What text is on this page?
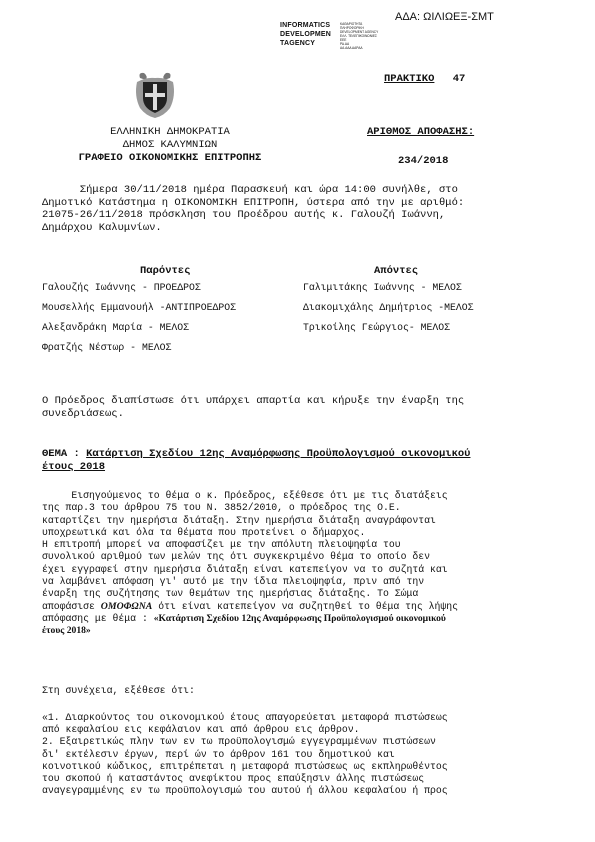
ΑΔΑ: ΩΙΛΙΩΕΞ-ΣΜΤ
INFORMATICS
DEVELOPMEN
TAGENCY
ΚΑΘΑΡΙΟΤΗΤΑ
ΠΛΗΡΟΦΟΡΙΚΗ
DEVELOPMENT AGENCY
ΕΛΛ. ΤΕΛΕΠΙΚΟΙΝΩΝΙΕΣ
ΕΕΕ
ΡΑ.ΑΑ
ΑΑ.ΑΑΑ ΑΑΡΑΑ
ΕΛΛΗΝΙΚΗ ΔΗΜΟΚΡΑΤΙΑ
ΔΗΜΟΣ ΚΑΛΥΜΝΙΩΝ
ΓΡΑΦΕΙΟ ΟΙΚΟΝΟΜΙΚΗΣ ΕΠΙΤΡΟΠΗΣ
ΠΡΑΚΤΙΚΟ 47
ΑΡΙΘΜΟΣ ΑΠΟΦΑΣΗΣ:
234/2018
Σήμερα 30/11/2018 ημέρα Παρασκευή και ώρα 14:00 συνήλθε, στο
Δημοτικό Κατάστημα η ΟΙΚΟΝΟΜΙΚΗ ΕΠΙΤΡΟΠΗ, ύστερα από την με αριθμό:
21075-26/11/2018 πρόσκληση του Προέδρου αυτής κ. Γαλουζή Ιωάννη,
Δημάρχου Καλυμνίων.
Παρόντες	Απόντες
Γαλουζής Ιωάννης - ΠΡΟΕΔΡΟΣ
Μουσελλής Εμμανουήλ -ΑΝΤΙΠΡΟΕΔΡΟΣ
Αλεξανδράκη Μαρία - ΜΕΛΟΣ
Φρατζής Νέστωρ - ΜΕΛΟΣ
Γαλιμιτάκης Ιωάννης - ΜΕΛΟΣ
Διακομιχάλης Δημήτριος -ΜΕΛΟΣ
Τρικοίλης Γεώργιος- ΜΕΛΟΣ
Ο Πρόεδρος διαπίστωσε ότι υπάρχει απαρτία και κήρυξε την έναρξη της
συνεδριάσεως.
ΘΕΜΑ : Κατάρτιση Σχεδίου 12ης Αναμόρφωσης Προϋπολογισμού οικονομικού
έτους 2018
Εισηγούμενος το θέμα ο κ. Πρόεδρος, εξέθεσε ότι με τις διατάξεις
της παρ.3 του άρθρου 75 του Ν. 3852/2010, ο πρόεδρος της Ο.Ε.
καταρτίζει την ημερήσια διάταξη. Στην ημερήσια διάταξη αναγράφονται
υποχρεωτικά και όλα τα θέματα που προτείνει ο δήμαρχος.
Η επιτροπή μπορεί να αποφασίζει με την απόλυτη πλειοψηφία του
συνολικού αριθμού των μελών της ότι συγκεκριμένο θέμα το οποίο δεν
έχει εγγραφεί στην ημερήσια διάταξη είναι κατεπείγον να το συζητά και
να λαμβάνει απόφαση γι' αυτό με την ίδια πλειοψηφία, πριν από την
έναρξη της συζήτησης των θεμάτων της ημερήσιας διάταξης. Το Σώμα
αποφάσισε ΟΜΟΦΩΝΑ ότι είναι κατεπείγον να συζητηθεί το θέμα της λήψης
απόφασης με θέμα : «Κατάρτιση Σχεδίου 12ης Αναμόρφωσης Προϋπολογισμού οικονομικού
έτους 2018»
Στη συνέχεια, εξέθεσε ότι:
«1. Διαρκούντος του οικονομικού έτους απαγορεύεται μεταφορά πιστώσεως
από κεφαλαίου εις κεφάλαιον και από άρθρου εις άρθρον.
2. Εξαιρετικώς πλην των εν τω προϋπολογισμώ εγγεγραμμένων πιστώσεων
δι' εκτέλεσιν έργων, περί ών το άρθρον 161 του δημοτικού και
κοινοτικού κώδικος, επιτρέπεται η μεταφορά πιστώσεως ως εκπληρωθέντος
του σκοπού ή καταστάντος ανεφίκτου προς επαύξησιν άλλης πιστώσεως
αναγεγραμμένης εν τω προϋπολογισμώ του αυτού ή άλλου κεφαλαίου ή προς
